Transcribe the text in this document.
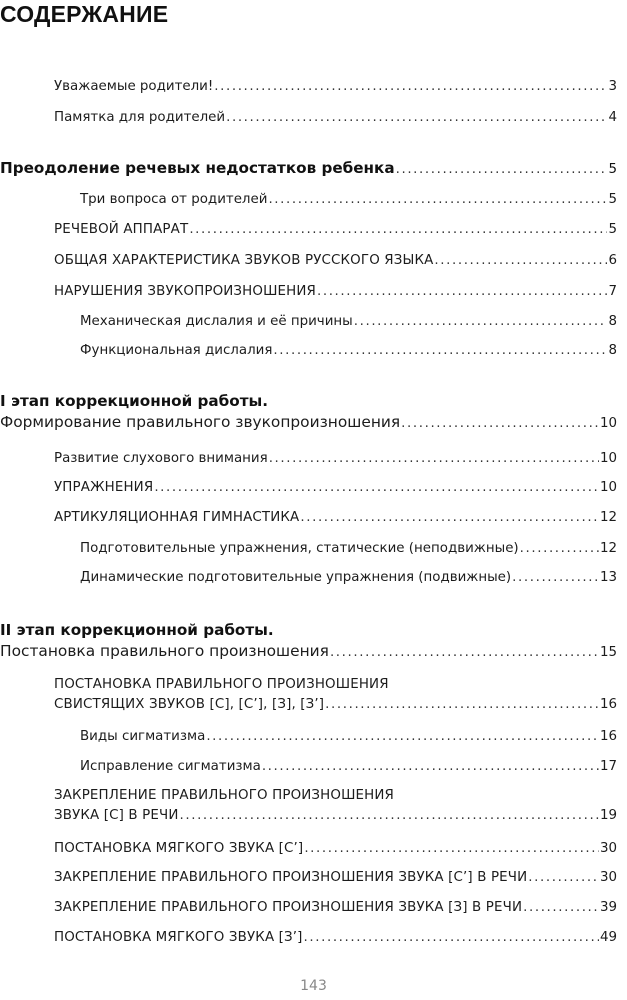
СОДЕРЖАНИЕ
Уважаемые родители! .....	3
Памятка для родителей .....	4
Преодоление речевых недостатков ребенка .....	5
Три вопроса от родителей .....	5
РЕЧЕВОЙ АППАРАТ .....	5
ОБЩАЯ ХАРАКТЕРИСТИКА ЗВУКОВ РУССКОГО ЯЗЫКА .....	6
НАРУШЕНИЯ ЗВУКОПРОИЗНОШЕНИЯ .....	7
Механическая дислалия и её причины .....	8
Функциональная дислалия .....	8
I этап коррекционной работы.
Формирование правильного звукопроизношения .....	10
Развитие слухового внимания .....	10
УПРАЖНЕНИЯ .....	10
АРТИКУЛЯЦИОННАЯ ГИМНАСТИКА .....	12
Подготовительные упражнения, статические (неподвижные) .....	12
Динамические подготовительные упражнения (подвижные) .....	13
II этап коррекционной работы.
Постановка правильного произношения .....	15
ПОСТАНОВКА ПРАВИЛЬНОГО ПРОИЗНОШЕНИЯ
СВИСТЯЩИХ ЗВУКОВ [С], [С’], [З], [З’] .....	16
Виды сигматизма .....	16
Исправление сигматизма .....	17
ЗАКРЕПЛЕНИЕ ПРАВИЛЬНОГО ПРОИЗНОШЕНИЯ
ЗВУКА [С] В РЕЧИ .....	19
ПОСТАНОВКА МЯГКОГО ЗВУКА [С’] .....	30
ЗАКРЕПЛЕНИЕ ПРАВИЛЬНОГО ПРОИЗНОШЕНИЯ ЗВУКА [С’] В РЕЧИ .....	30
ЗАКРЕПЛЕНИЕ ПРАВИЛЬНОГО ПРОИЗНОШЕНИЯ ЗВУКА [З] В РЕЧИ .....	39
ПОСТАНОВКА МЯГКОГО ЗВУКА [З’] .....	49
143
